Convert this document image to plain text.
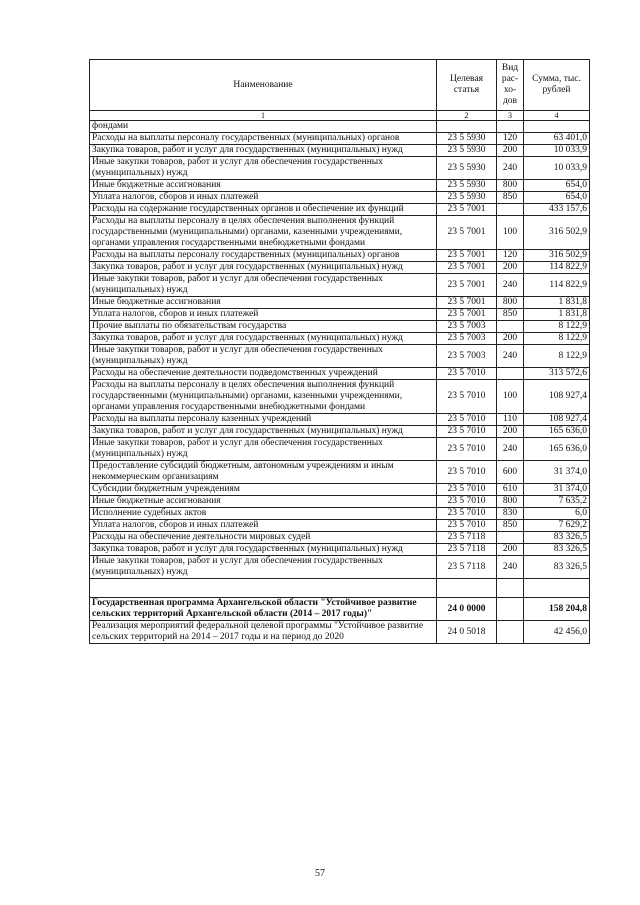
Наименование	Целевая статья	Вид рас- хо- дов	Сумма, тыс. рублей
1	2	3	4
фондами			
Расходы на выплаты персоналу государственных (муниципальных) органов	23 5 5930	120	63 401,0
Закупка товаров, работ и услуг для государственных (муниципальных) нужд	23 5 5930	200	10 033,9
Иные закупки товаров, работ и услуг для обеспечения государственных (муниципальных) нужд	23 5 5930	240	10 033,9
Иные бюджетные ассигнования	23 5 5930	800	654,0
Уплата налогов, сборов и иных платежей	23 5 5930	850	654,0
Расходы на содержание государственных органов и обеспечение их функций	23 5 7001		433 157,6
Расходы на выплаты персоналу в целях обеспечения выполнения функций государственными (муниципальными) органами, казенными учреждениями, органами управления государственными внебюджетными фондами	23 5 7001	100	316 502,9
Расходы на выплаты персоналу государственных (муниципальных) органов	23 5 7001	120	316 502,9
Закупка товаров, работ и услуг для государственных (муниципальных) нужд	23 5 7001	200	114 822,9
Иные закупки товаров, работ и услуг для обеспечения государственных (муниципальных) нужд	23 5 7001	240	114 822,9
Иные бюджетные ассигнования	23 5 7001	800	1 831,8
Уплата налогов, сборов и иных платежей	23 5 7001	850	1 831,8
Прочие выплаты по обязательствам государства	23 5 7003		8 122,9
Закупка товаров, работ и услуг для государственных (муниципальных) нужд	23 5 7003	200	8 122,9
Иные закупки товаров, работ и услуг для обеспечения государственных (муниципальных) нужд	23 5 7003	240	8 122,9
Расходы на обеспечение деятельности подведомственных учреждений	23 5 7010		313 572,6
Расходы на выплаты персоналу в целях обеспечения выполнения функций государственными (муниципальными) органами, казенными учреждениями, органами управления государственными внебюджетными фондами	23 5 7010	100	108 927,4
Расходы на выплаты персоналу казенных учреждений	23 5 7010	110	108 927,4
Закупка товаров, работ и услуг для государственных (муниципальных) нужд	23 5 7010	200	165 636,0
Иные закупки товаров, работ и услуг для обеспечения государственных (муниципальных) нужд	23 5 7010	240	165 636,0
Предоставление субсидий бюджетным, автономным учреждениям и иным некоммерческим организациям	23 5 7010	600	31 374,0
Субсидии бюджетным учреждениям	23 5 7010	610	31 374,0
Иные бюджетные ассигнования	23 5 7010	800	7 635,2
Исполнение судебных актов	23 5 7010	830	6,0
Уплата налогов, сборов и иных платежей	23 5 7010	850	7 629,2
Расходы на обеспечение деятельности мировых судей	23 5 7118		83 326,5
Закупка товаров, работ и услуг для государственных (муниципальных) нужд	23 5 7118	200	83 326,5
Иные закупки товаров, работ и услуг для обеспечения государственных (муниципальных) нужд	23 5 7118	240	83 326,5

Государственная программа Архангельской области "Устойчивое развитие сельских территорий Архангельской области (2014 – 2017 годы)"	24 0 0000		158 204,8
Реализация мероприятий федеральной целевой программы "Устойчивое развитие сельских территорий на 2014 – 2017 годы и на период до 2020	24 0 5018		42 456,0
57
